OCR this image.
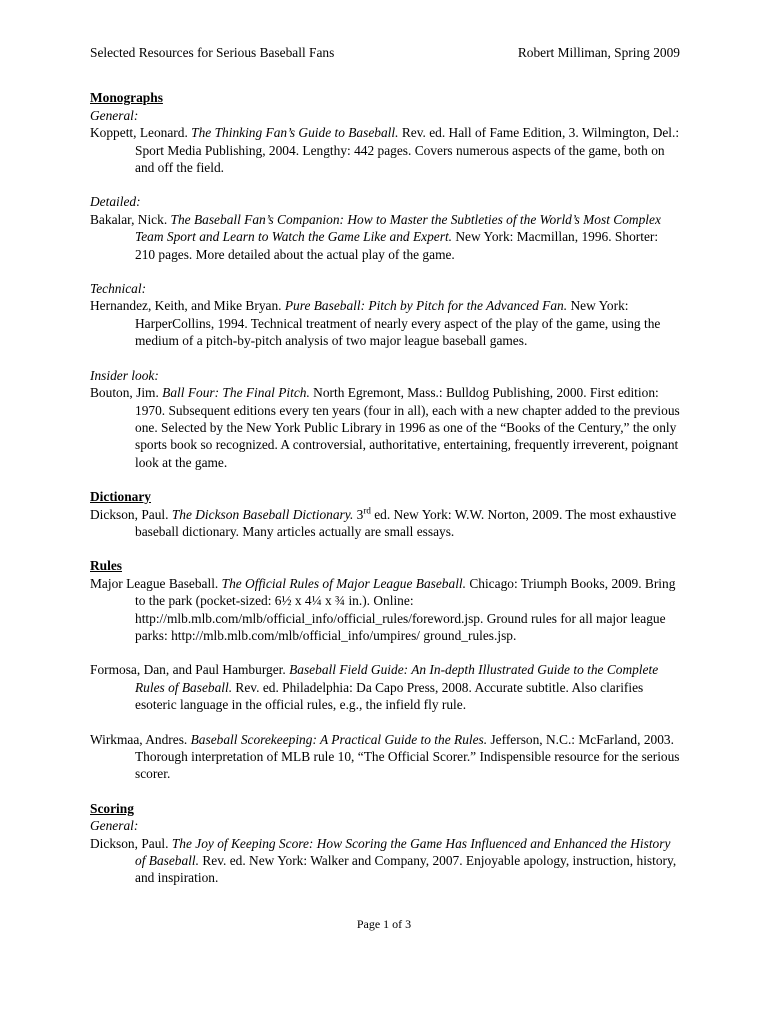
Selected Resources for Serious Baseball Fans	Robert Milliman, Spring 2009
Monographs
General:
Koppett, Leonard. The Thinking Fan’s Guide to Baseball. Rev. ed. Hall of Fame Edition, 3. Wilmington, Del.: Sport Media Publishing, 2004. Lengthy: 442 pages. Covers numerous aspects of the game, both on and off the field.
Detailed:
Bakalar, Nick. The Baseball Fan’s Companion: How to Master the Subtleties of the World’s Most Complex Team Sport and Learn to Watch the Game Like and Expert. New York: Macmillan, 1996. Shorter: 210 pages. More detailed about the actual play of the game.
Technical:
Hernandez, Keith, and Mike Bryan. Pure Baseball: Pitch by Pitch for the Advanced Fan. New York: HarperCollins, 1994. Technical treatment of nearly every aspect of the play of the game, using the medium of a pitch-by-pitch analysis of two major league baseball games.
Insider look:
Bouton, Jim. Ball Four: The Final Pitch. North Egremont, Mass.: Bulldog Publishing, 2000. First edition: 1970. Subsequent editions every ten years (four in all), each with a new chapter added to the previous one. Selected by the New York Public Library in 1996 as one of the “Books of the Century,” the only sports book so recognized. A controversial, authoritative, entertaining, frequently irreverent, poignant look at the game.
Dictionary
Dickson, Paul. The Dickson Baseball Dictionary. 3rd ed. New York: W.W. Norton, 2009. The most exhaustive baseball dictionary. Many articles actually are small essays.
Rules
Major League Baseball. The Official Rules of Major League Baseball. Chicago: Triumph Books, 2009. Bring to the park (pocket-sized: 6½ x 4¼ x ¾ in.). Online: http://mlb.mlb.com/mlb/official_info/official_rules/foreword.jsp. Ground rules for all major league parks: http://mlb.mlb.com/mlb/official_info/umpires/ ground_rules.jsp.
Formosa, Dan, and Paul Hamburger. Baseball Field Guide: An In-depth Illustrated Guide to the Complete Rules of Baseball. Rev. ed. Philadelphia: Da Capo Press, 2008. Accurate subtitle. Also clarifies esoteric language in the official rules, e.g., the infield fly rule.
Wirkmaa, Andres. Baseball Scorekeeping: A Practical Guide to the Rules. Jefferson, N.C.: McFarland, 2003. Thorough interpretation of MLB rule 10, “The Official Scorer.” Indispensible resource for the serious scorer.
Scoring
General:
Dickson, Paul. The Joy of Keeping Score: How Scoring the Game Has Influenced and Enhanced the History of Baseball. Rev. ed. New York: Walker and Company, 2007. Enjoyable apology, instruction, history, and inspiration.
Page 1 of 3
